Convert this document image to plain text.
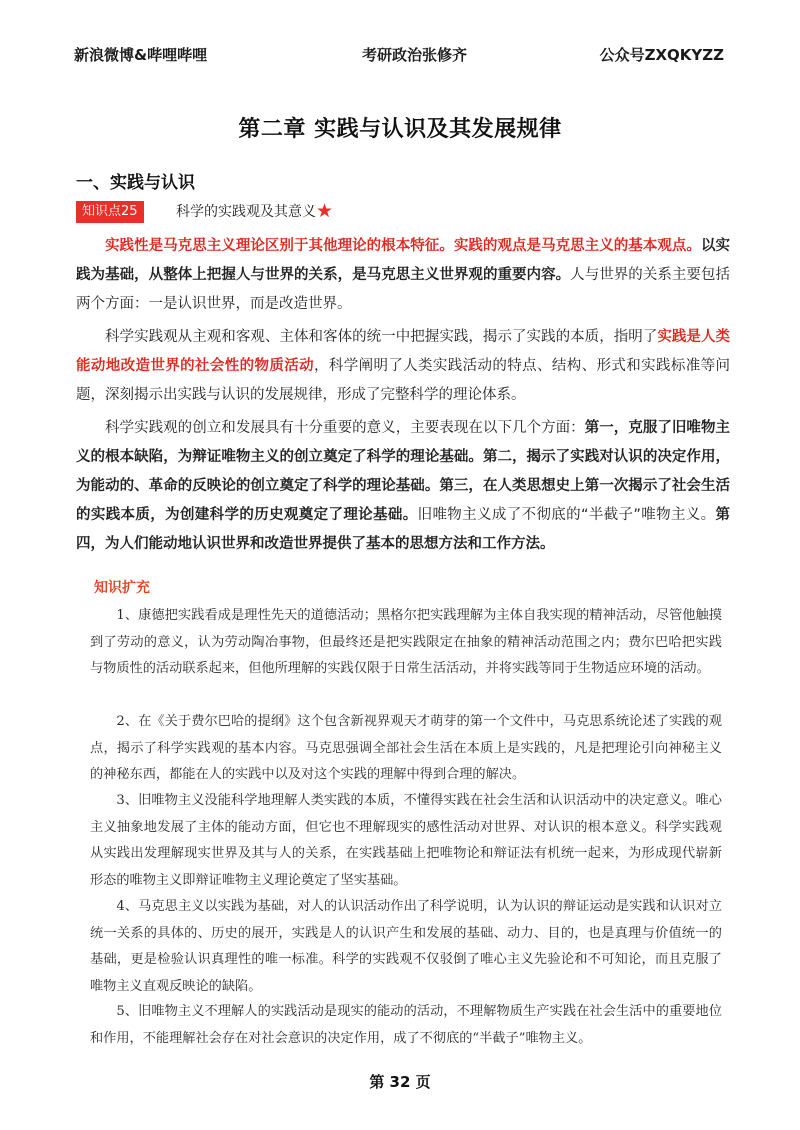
新浪微博&哔哩哔哩	考研政治张修齐	公众号ZXQKYZZ
第二章 实践与认识及其发展规律
一、实践与认识
知识点25	科学的实践观及其意义 ★

实践性是马克思主义理论区别于其他理论的根本特征。实践的观点是马克思主义的基本观点。以实践为基础，从整体上把握人与世界的关系，是马克思主义世界观的重要内容。人与世界的关系主要包括两个方面：一是认识世界，而是改造世界。

科学实践观从主观和客观、主体和客体的统一中把握实践，揭示了实践的本质，指明了实践是人类能动地改造世界的社会性的物质活动，科学阐明了人类实践活动的特点、结构、形式和实践标准等问题，深刻揭示出实践与认识的发展规律，形成了完整科学的理论体系。

科学实践观的创立和发展具有十分重要的意义，主要表现在以下几个方面：第一，克服了旧唯物主义的根本缺陷，为辩证唯物主义的创立奠定了科学的理论基础。第二，揭示了实践对认识的决定作用，为能动的、革命的反映论的创立奠定了科学的理论基础。第三，在人类思想史上第一次揭示了社会生活的实践本质，为创建科学的历史观奠定了理论基础。旧唯物主义成了不彻底的“半截子”唯物主义。第四，为人们能动地认识世界和改造世界提供了基本的思想方法和工作方法。

知识扩充

1、康德把实践看成是理性先天的道德活动；黑格尔把实践理解为主体自我实现的精神活动，尽管他触摸到了劳动的意义，认为劳动陶冶事物，但最终还是把实践限定在抽象的精神活动范围之内；费尔巴哈把实践与物质性的活动联系起来，但他所理解的实践仅限于日常生活活动，并将实践等同于生物适应环境的活动。

2、在《关于费尔巴哈的提纲》这个包含新视界观天才萌芽的第一个文件中，马克思系统论述了实践的观点，揭示了科学实践观的基本内容。马克思强调全部社会生活在本质上是实践的，凡是把理论引向神秘主义的神秘东西，都能在人的实践中以及对这个实践的理解中得到合理的解决。

3、旧唯物主义没能科学地理解人类实践的本质，不懂得实践在社会生活和认识活动中的决定意义。唯心主义抽象地发展了主体的能动方面，但它也不理解现实的感性活动对世界、对认识的根本意义。科学实践观从实践出发理解现实世界及其与人的关系，在实践基础上把唯物论和辩证法有机统一起来，为形成现代崭新形态的唯物主义即辩证唯物主义理论奠定了坚实基础。

4、马克思主义以实践为基础，对人的认识活动作出了科学说明，认为认识的辩证运动是实践和认识对立统一关系的具体的、历史的展开，实践是人的认识产生和发展的基础、动力、目的，也是真理与价值统一的基础，更是检验认识真理性的唯一标准。科学的实践观不仅驳倒了唯心主义先验论和不可知论，而且克服了唯物主义直观反映论的缺陷。

5、旧唯物主义不理解人的实践活动是现实的能动的活动，不理解物质生产实践在社会生活中的重要地位和作用，不能理解社会存在对社会意识的决定作用，成了不彻底的“半截子”唯物主义。

第 32 页
